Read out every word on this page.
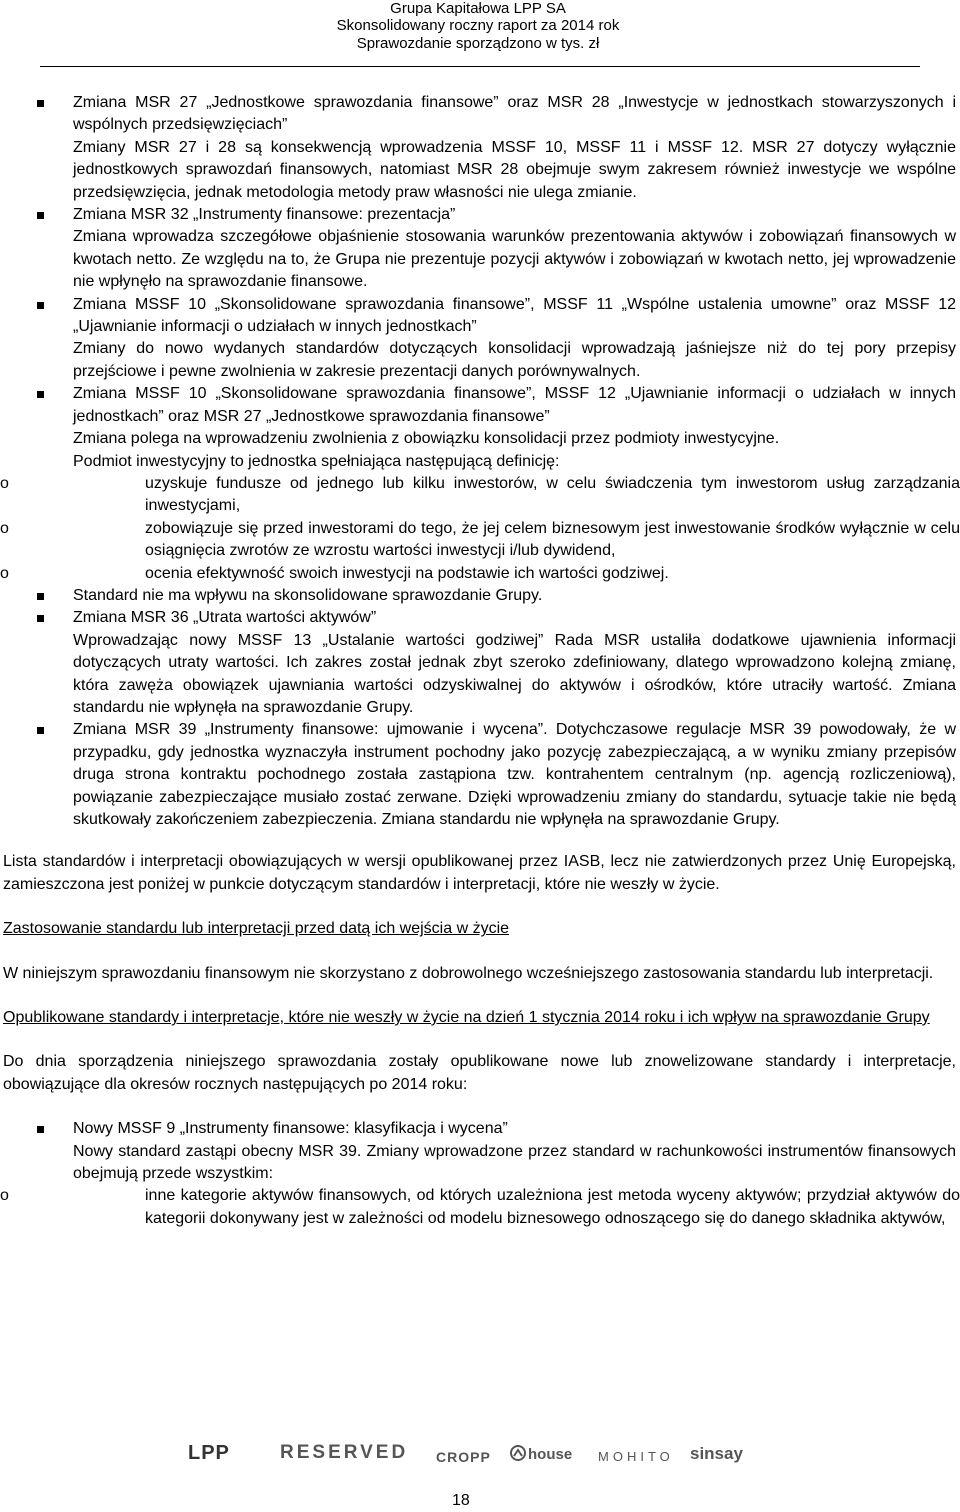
Grupa Kapitałowa LPP SA
Skonsolidowany roczny raport za 2014 rok
Sprawozdanie sporządzono w tys. zł
Zmiana MSR 27 „Jednostkowe sprawozdania finansowe” oraz MSR 28 „Inwestycje w jednostkach stowarzyszonych i wspólnych przedsięwzięciach”
Zmiany MSR 27 i 28 są konsekwencją wprowadzenia MSSF 10, MSSF 11 i MSSF 12. MSR 27 dotyczy wyłącznie jednostkowych sprawozdań finansowych, natomiast MSR 28 obejmuje swym zakresem również inwestycje we wspólne przedsięwzięcia, jednak metodologia metody praw własności nie ulega zmianie.
Zmiana MSR 32 „Instrumenty finansowe: prezentacja”
Zmiana wprowadza szczegółowe objaśnienie stosowania warunków prezentowania aktywów i zobowiązań finansowych w kwotach netto. Ze względu na to, że Grupa nie prezentuje pozycji aktywów i zobowiązań w kwotach netto, jej wprowadzenie nie wpłynęło na sprawozdanie finansowe.
Zmiana MSSF 10 „Skonsolidowane sprawozdania finansowe”, MSSF 11 „Wspólne ustalenia umowne” oraz MSSF 12 „Ujawnianie informacji o udziałach w innych jednostkach”
Zmiany do nowo wydanych standardów dotyczących konsolidacji wprowadzają jaśniejsze niż do tej pory przepisy przejściowe i pewne zwolnienia w zakresie prezentacji danych porównywalnych.
Zmiana MSSF 10 „Skonsolidowane sprawozdania finansowe”, MSSF 12 „Ujawnianie informacji o udziałach w innych jednostkach” oraz MSR 27 „Jednostkowe sprawozdania finansowe”
Zmiana polega na wprowadzeniu zwolnienia z obowiązku konsolidacji przez podmioty inwestycyjne.
Podmiot inwestycyjny to jednostka spełniająca następującą definicję:
o	uzyskuje fundusze od jednego lub kilku inwestorów, w celu świadczenia tym inwestorom usług zarządzania inwestycjami,
o	zobowiązuje się przed inwestorami do tego, że jej celem biznesowym jest inwestowanie środków wyłącznie w celu osiągnięcia zwrotów ze wzrostu wartości inwestycji i/lub dywidend,
o	ocenia efektywność swoich inwestycji na podstawie ich wartości godziwej.
Standard nie ma wpływu na skonsolidowane sprawozdanie Grupy.
Zmiana MSR 36 „Utrata wartości aktywów”
Wprowadzając nowy MSSF 13 „Ustalanie wartości godziwej” Rada MSR ustaliła dodatkowe ujawnienia informacji dotyczących utraty wartości. Ich zakres został jednak zbyt szeroko zdefiniowany, dlatego wprowadzono kolejną zmianę, która zawęża obowiązek ujawniania wartości odzyskiwalnej do aktywów i ośrodków, które utraciły wartość. Zmiana standardu nie wpłynęła na sprawozdanie Grupy.
Zmiana MSR 39 „Instrumenty finansowe: ujmowanie i wycena”. Dotychczasowe regulacje MSR 39 powodowały, że w przypadku, gdy jednostka wyznaczyła instrument pochodny jako pozycję zabezpieczającą, a w wyniku zmiany przepisów druga strona kontraktu pochodnego została zastąpiona tzw. kontrahentem centralnym (np. agencją rozliczeniową), powiązanie zabezpieczające musiało zostać zerwane. Dzięki wprowadzeniu zmiany do standardu, sytuacje takie nie będą skutkowały zakończeniem zabezpieczenia. Zmiana standardu nie wpłynęła na sprawozdanie Grupy.
Lista standardów i interpretacji obowiązujących w wersji opublikowanej przez IASB, lecz nie zatwierdzonych przez Unię Europejską, zamieszczona jest poniżej w punkcie dotyczącym standardów i interpretacji, które nie weszły w życie.
Zastosowanie standardu lub interpretacji przed datą ich wejścia w życie
W niniejszym sprawozdaniu finansowym nie skorzystano z dobrowolnego wcześniejszego zastosowania standardu lub interpretacji.
Opublikowane standardy i interpretacje, które nie weszły w życie na dzień 1 stycznia 2014 roku i ich wpływ na sprawozdanie Grupy
Do dnia sporządzenia niniejszego sprawozdania zostały opublikowane nowe lub znowelizowane standardy i interpretacje, obowiązujące dla okresów rocznych następujących po 2014 roku:
Nowy MSSF 9 „Instrumenty finansowe: klasyfikacja i wycena”
Nowy standard zastąpi obecny MSR 39. Zmiany wprowadzone przez standard w rachunkowości instrumentów finansowych obejmują przede wszystkim:
o	inne kategorie aktywów finansowych, od których uzależniona jest metoda wyceny aktywów; przydział aktywów do kategorii dokonywany jest w zależności od modelu biznesowego odnoszącego się do danego składnika aktywów,
LPP	RESERVED CROPP	house MOHITO sinsay
18
